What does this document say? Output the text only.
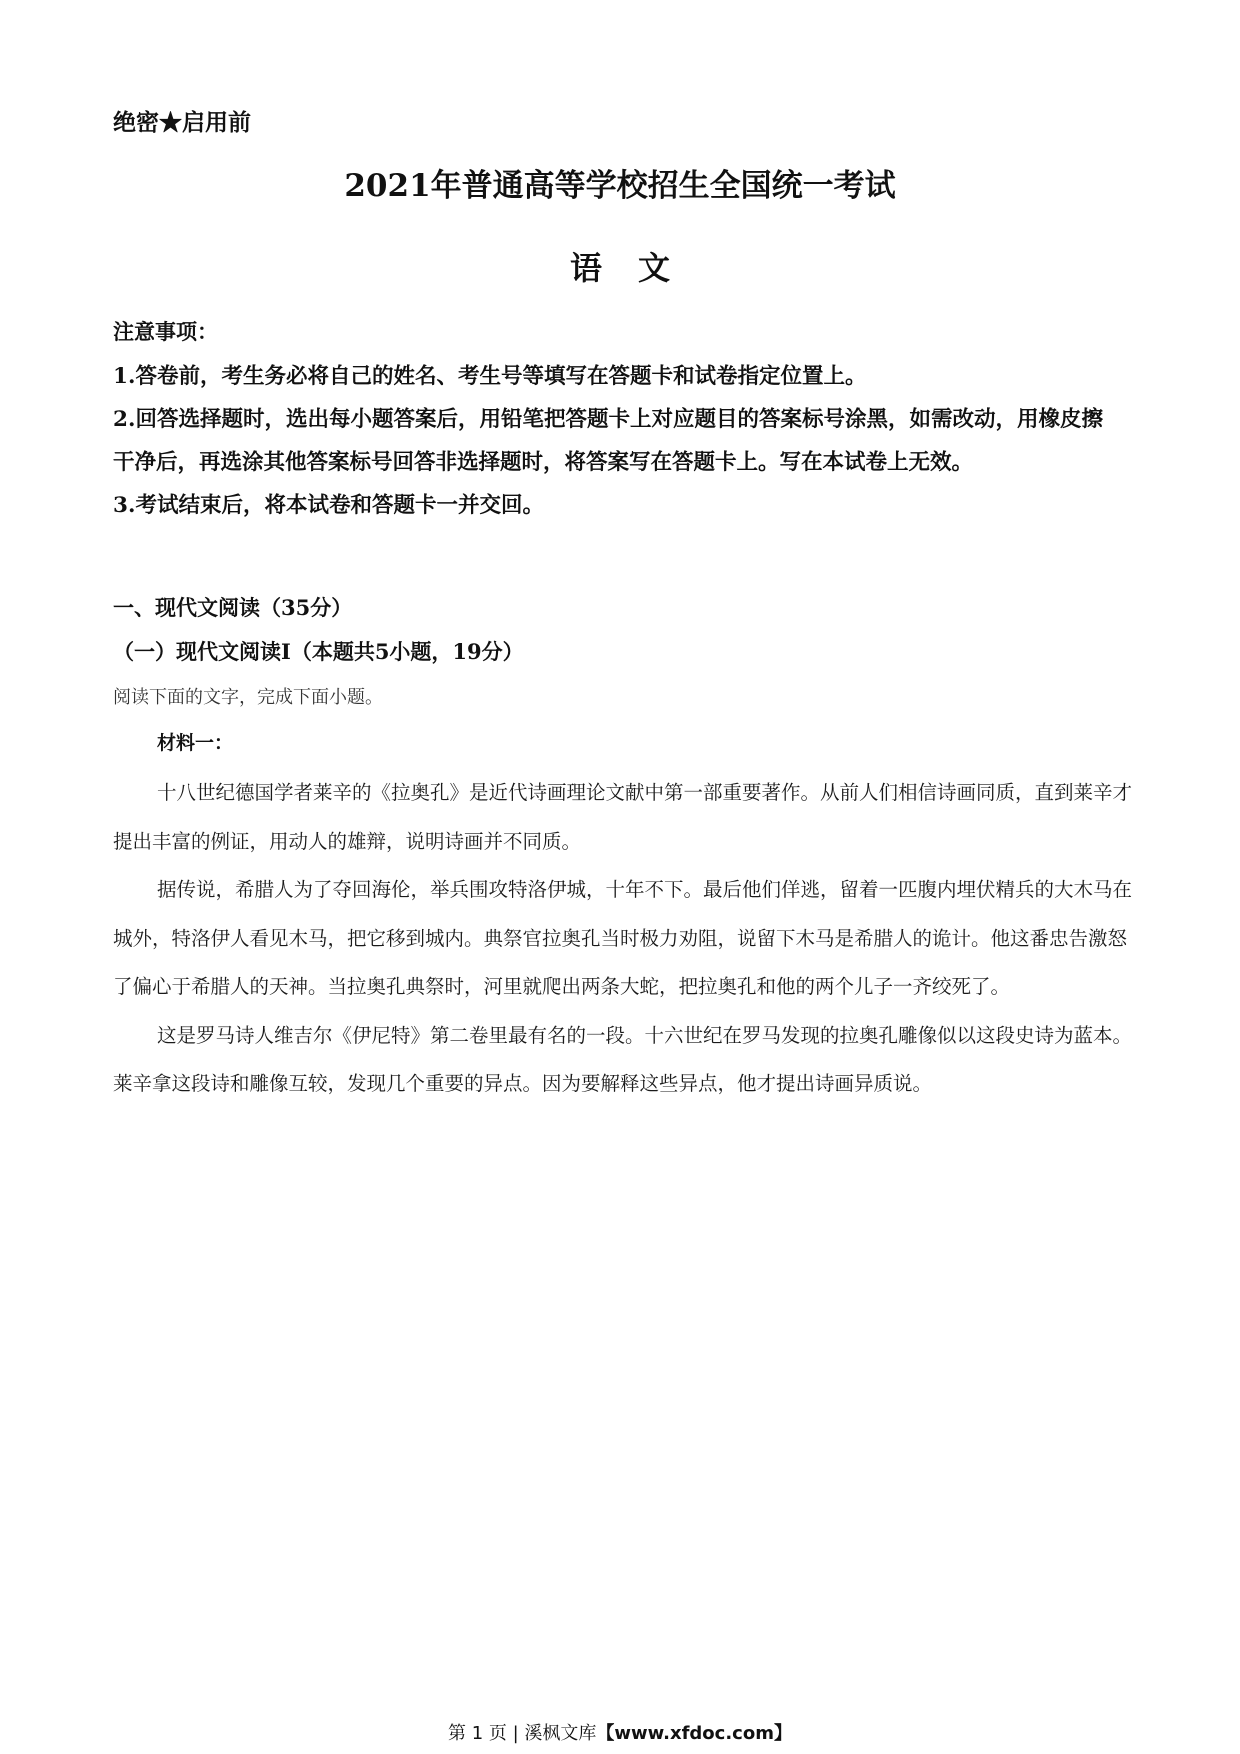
绝密★启用前
2021年普通高等学校招生全国统一考试
语 文
注意事项：

1.答卷前，考生务必将自己的姓名、考生号等填写在答题卡和试卷指定位置上。

2.回答选择题时，选出每小题答案后，用铅笔把答题卡上对应题目的答案标号涂黑，如需改动，用橡皮擦干净后，再选涂其他答案标号回答非选择题时，将答案写在答题卡上。写在本试卷上无效。

3.考试结束后，将本试卷和答题卡一并交回。

一、现代文阅读（35分）
（一）现代文阅读Ⅰ（本题共5小题，19分）
阅读下面的文字，完成下面小题。
材料一：

十八世纪德国学者莱辛的《拉奥孔》是近代诗画理论文献中第一部重要著作。从前人们相信诗画同质，直到莱辛才提出丰富的例证，用动人的雄辩，说明诗画并不同质。

据传说，希腊人为了夺回海伦，举兵围攻特洛伊城，十年不下。最后他们佯逃，留着一匹腹内埋伏精兵的大木马在城外，特洛伊人看见木马，把它移到城内。典祭官拉奥孔当时极力劝阻，说留下木马是希腊人的诡计。他这番忠告激怒了偏心于希腊人的天神。当拉奥孔典祭时，河里就爬出两条大蛇，把拉奥孔和他的两个儿子一齐绞死了。

这是罗马诗人维吉尔《伊尼特》第二卷里最有名的一段。十六世纪在罗马发现的拉奥孔雕像似以这段史诗为蓝本。莱辛拿这段诗和雕像互较，发现几个重要的异点。因为要解释这些异点，他才提出诗画异质说。

第 1 页 | 溪枫文库【www.xfdoc.com】
